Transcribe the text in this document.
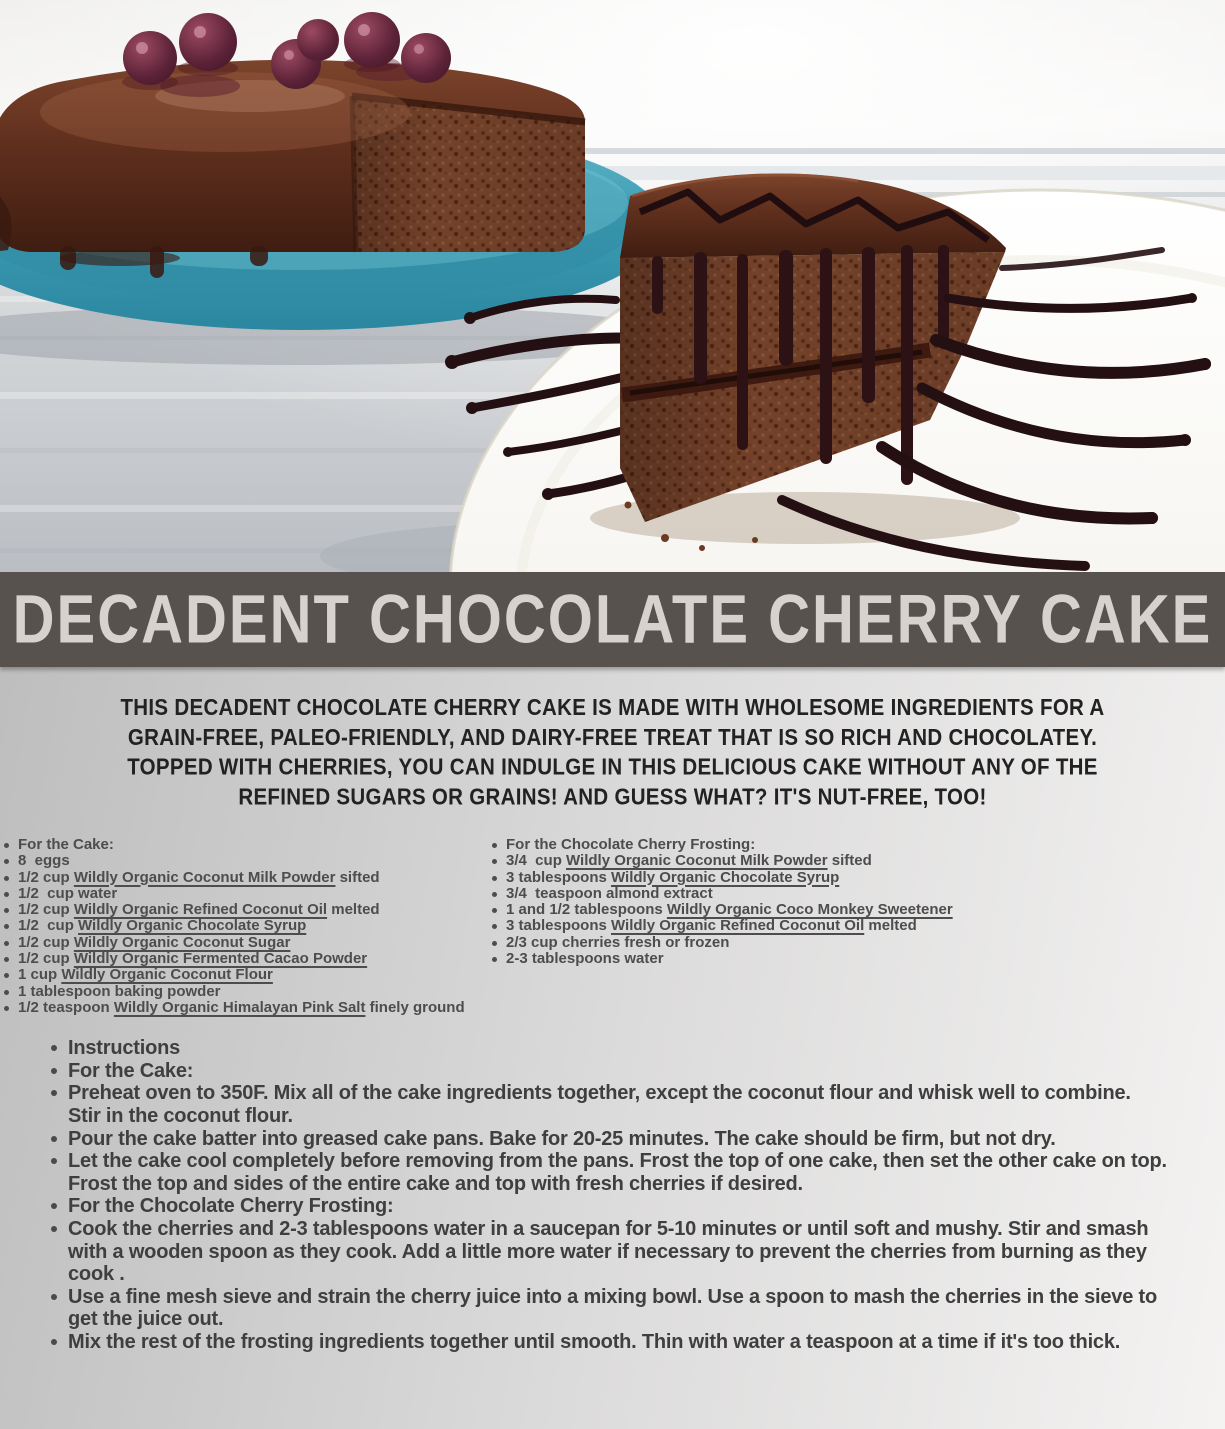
DECADENT CHOCOLATE CHERRY CAKE
THIS DECADENT CHOCOLATE CHERRY CAKE IS MADE WITH WHOLESOME INGREDIENTS FOR A
GRAIN-FREE, PALEO-FRIENDLY, AND DAIRY-FREE TREAT THAT IS SO RICH AND CHOCOLATEY.
TOPPED WITH CHERRIES, YOU CAN INDULGE IN THIS DELICIOUS CAKE WITHOUT ANY OF THE
REFINED SUGARS OR GRAINS! AND GUESS WHAT? IT'S NUT-FREE, TOO!
For the Cake:
8  eggs
1/2 cup Wildly Organic Coconut Milk Powder sifted
1/2  cup water
1/2 cup Wildly Organic Refined Coconut Oil melted
1/2  cup Wildly Organic Chocolate Syrup
1/2 cup Wildly Organic Coconut Sugar
1/2 cup Wildly Organic Fermented Cacao Powder
1 cup Wildly Organic Coconut Flour
1 tablespoon baking powder
1/2 teaspoon Wildly Organic Himalayan Pink Salt finely ground
For the Chocolate Cherry Frosting:
3/4  cup Wildly Organic Coconut Milk Powder sifted
3 tablespoons Wildly Organic Chocolate Syrup
3/4  teaspoon almond extract
1 and 1/2 tablespoons Wildly Organic Coco Monkey Sweetener
3 tablespoons Wildly Organic Refined Coconut Oil melted
2/3 cup cherries fresh or frozen
2-3 tablespoons water
Instructions
For the Cake:
Preheat oven to 350F. Mix all of the cake ingredients together, except the coconut flour and whisk well to combine. Stir in the coconut flour.
Pour the cake batter into greased cake pans. Bake for 20-25 minutes. The cake should be firm, but not dry.
Let the cake cool completely before removing from the pans. Frost the top of one cake, then set the other cake on top. Frost the top and sides of the entire cake and top with fresh cherries if desired.
For the Chocolate Cherry Frosting:
Cook the cherries and 2-3 tablespoons water in a saucepan for 5-10 minutes or until soft and mushy. Stir and smash with a wooden spoon as they cook. Add a little more water if necessary to prevent the cherries from burning as they cook .
Use a fine mesh sieve and strain the cherry juice into a mixing bowl. Use a spoon to mash the cherries in the sieve to get the juice out.
Mix the rest of the frosting ingredients together until smooth. Thin with water a teaspoon at a time if it's too thick.
